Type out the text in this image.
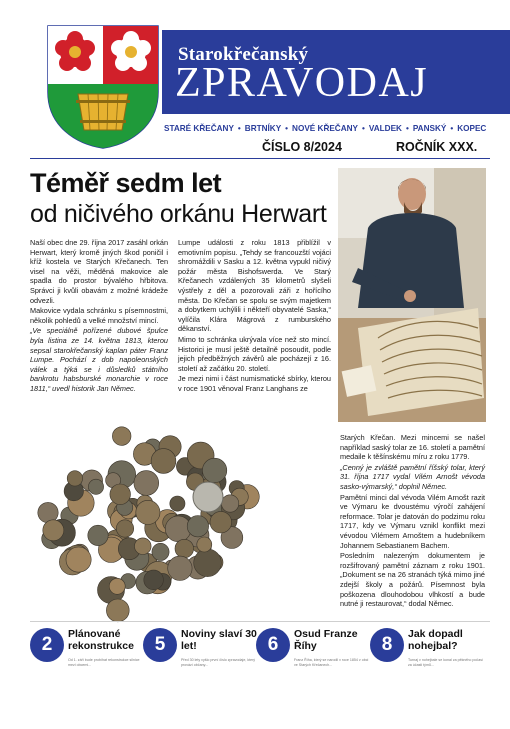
Starokřečanský
ZPRAVODAJ
STARÉ KŘEČANY • BRTNÍKY • NOVÉ KŘEČANY • VALDEK • PANSKÝ • KOPEC
ČÍSLO 8/2024	ROČNÍK XXX.
Téměř sedm let
od ničivého orkánu Herwart

Naší obec dne 29. října 2017 zasáhl orkán Herwart, který kromě jiných škod poničil i kříž kostela ve Starých Křečanech. Ten visel na věži, měděná makovice ale spadla do prostor bývalého hřbitova. Správci ji kvůli obavám z možné krádeže odvezli.

Makovice vydala schránku s písemnostmi, několik pohledů a velké množství mincí.

„Ve speciálně pořízené dubové špulce byla listina ze 14. května 1813, kterou sepsal starokřečanský kaplan páter Franz Lumpe. Pochází z dob napoleonských válek a týká se i důsledků státního bankrotu habsburské monarchie v roce 1811,“ uvedl historik Jan Němec.

Lumpe události z roku 1813 přiblížil v emotivním popisu. „Tehdy se francouzští vojáci shromáždili v Sasku a 12. května vypukl ničivý požár města Bishofswerda. Ve Starý Křečanech vzdálených 35 kilometrů slyšeli výstřely z děl a pozorovali záři z hořícího města. Do Křečan se spolu se svým majetkem a dobytkem uchýlili i někteří obyvatelé Saska,“ vylíčila Klára Mágrová z rumburského děkanství.

Mimo to schránka ukrývala více než sto mincí. Historici je musí ještě detailně posoudit, podle jejich předběžných závěrů ale pocházejí z 16. století až začátku 20. století.

Je mezi nimi i část numismatické sbírky, kterou v roce 1901 věnoval Franz Langhans ze

Starých Křečan. Mezi mincemi se našel například saský tolar ze 16. století a pamětní medaile k těšínskému míru z roku 1779.

„Cenný je zvláště pamětní říšský tolar, který 31. října 1717 vydal Vilém Arnošt vévoda sasko-výmarský,“ doplnil Němec.

Pamětní minci dal vévoda Vilém Arnošt razit ve Výmaru ke dvoustému výročí zahájení reformace. Tolar je datován do podzimu roku 1717, kdy ve Výmaru vznikl konflikt mezi vévodou Vilémem Arnoštem a hudebníkem Johannem Sebastianem Bachem.

Posledním nalezeným dokumentem je rozšifrovaný pamětní záznam z roku 1901. „Dokument se na 26 stranách týká mimo jiné zdejší školy a požárů. Písemnost byla poškozena dlouhodobou vlhkostí a bude nutné ji restaurovat,“ dodal Němec.

2	Plánované rekonstrukce
Od 1. září bude probíhat rekonstrukce silnice mezi obcemi...
5	Noviny slaví 30 let!
Před 30 lety vyšlo první číslo zpravodaje, který provází občany...
6	Osud Franze Říhy
Franz Říha, který se narodil v roce 1854 v obci ve Starých Křečanech...
8	Jak dopadl nohejbal?
Turnaj v nohejbale se konal za pěkného počasí za účasti týmů...
